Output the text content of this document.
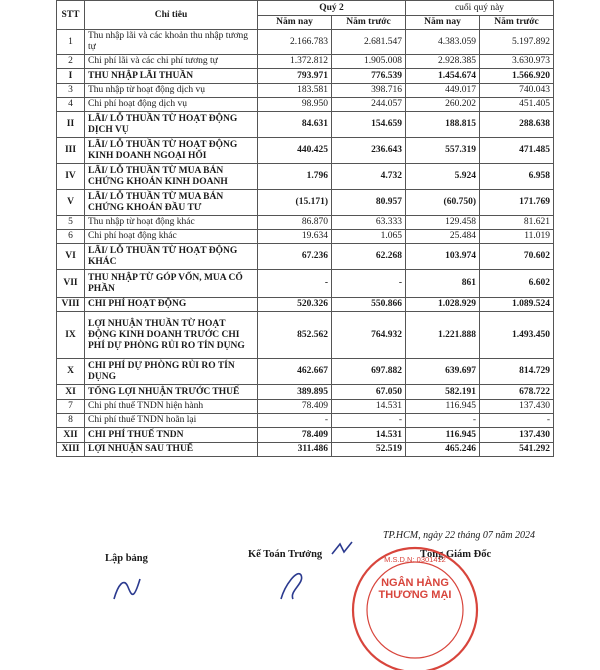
STT	Chỉ tiêu	Quý 2		cuối quý này	
		Năm nay	Năm trước	Năm nay	Năm trước
1	Thu nhập lãi và các khoản thu nhập tương tự	2.166.783	2.681.547	4.383.059	5.197.892
2	Chi phí lãi và các chi phí tương tự	1.372.812	1.905.008	2.928.385	3.630.973
I	THU NHẬP LÃI THUẦN	793.971	776.539	1.454.674	1.566.920
3	Thu nhập từ hoạt động dịch vụ	183.581	398.716	449.017	740.043
4	Chi phí hoạt động dịch vụ	98.950	244.057	260.202	451.405
II	LÃI/ LỖ THUẦN TỪ HOẠT ĐỘNG DỊCH VỤ	84.631	154.659	188.815	288.638
III	LÃI/ LỖ THUẦN TỪ HOẠT ĐỘNG KINH DOANH NGOẠI HỐI	440.425	236.643	557.319	471.485
IV	LÃI/ LỖ THUẦN TỪ MUA BÁN CHỨNG KHOÁN KINH DOANH	1.796	4.732	5.924	6.958
V	LÃI/ LỖ THUẦN TỪ MUA BÁN CHỨNG KHOÁN ĐẦU TƯ	(15.171)	80.957	(60.750)	171.769
5	Thu nhập từ hoạt động khác	86.870	63.333	129.458	81.621
6	Chi phí hoạt động khác	19.634	1.065	25.484	11.019
VI	LÃI/ LỖ THUẦN TỪ HOẠT ĐỘNG KHÁC	67.236	62.268	103.974	70.602
VII	THU NHẬP TỪ GÓP VỐN, MUA CỔ PHẦN	-	-	861	6.602
VIII	CHI PHÍ HOẠT ĐỘNG	520.326	550.866	1.028.929	1.089.524
IX	LỢI NHUẬN THUẦN TỪ HOẠT ĐỘNG KINH DOANH TRƯỚC CHI PHÍ DỰ PHÒNG RỦI RO TÍN DỤNG	852.562	764.932	1.221.888	1.493.450
X	CHI PHÍ DỰ PHÒNG RỦI RO TÍN DỤNG	462.667	697.882	639.697	814.729
XI	TỔNG LỢI NHUẬN TRƯỚC THUẾ	389.895	67.050	582.191	678.722
7	Chi phí thuế TNDN hiện hành	78.409	14.531	116.945	137.430
8	Chi phí thuế TNDN hoãn lại	-	-	-	-
XII	CHI PHÍ THUẾ TNDN	78.409	14.531	116.945	137.430
XIII	LỢI NHUẬN SAU THUẾ	311.486	52.519	465.246	541.292
TP.HCM, ngày 22 tháng 07 năm 2024
Lập bảng	Kế Toán Trưởng	Tổng Giám Đốc
M.S.D.N: 0301412
NGÂN HÀNG
THƯƠNG MẠI
